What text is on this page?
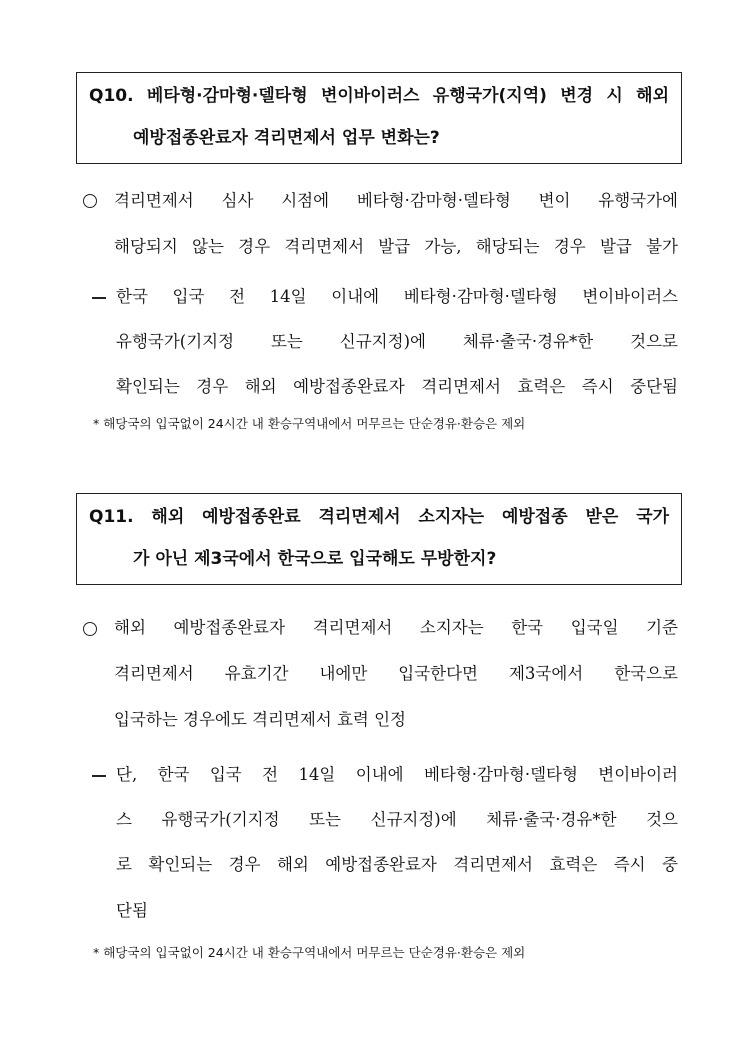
Q10. 베타형·감마형·델타형 변이바이러스 유행국가(지역) 변경 시 해외
예방접종완료자 격리면제서 업무 변화는?
격리면제서 심사 시점에 베타형·감마형·델타형 변이 유행국가에
해당되지 않는 경우 격리면제서 발급 가능, 해당되는 경우 발급 불가
한국 입국 전 14일 이내에 베타형·감마형·델타형 변이바이러스
유행국가(기지정 또는 신규지정)에 체류·출국·경유*한 것으로
확인되는 경우 해외 예방접종완료자 격리면제서 효력은 즉시 중단됨
* 해당국의 입국없이 24시간 내 환승구역내에서 머무르는 단순경유·환승은 제외
Q11. 해외 예방접종완료 격리면제서 소지자는 예방접종 받은 국가
가 아닌 제3국에서 한국으로 입국해도 무방한지?
해외 예방접종완료자 격리면제서 소지자는 한국 입국일 기준
격리면제서 유효기간 내에만 입국한다면 제3국에서 한국으로
입국하는 경우에도 격리면제서 효력 인정
단, 한국 입국 전 14일 이내에 베타형·감마형·델타형 변이바이러
스 유행국가(기지정 또는 신규지정)에 체류·출국·경유*한 것으
로 확인되는 경우 해외 예방접종완료자 격리면제서 효력은 즉시 중
단됨
* 해당국의 입국없이 24시간 내 환승구역내에서 머무르는 단순경유·환승은 제외
